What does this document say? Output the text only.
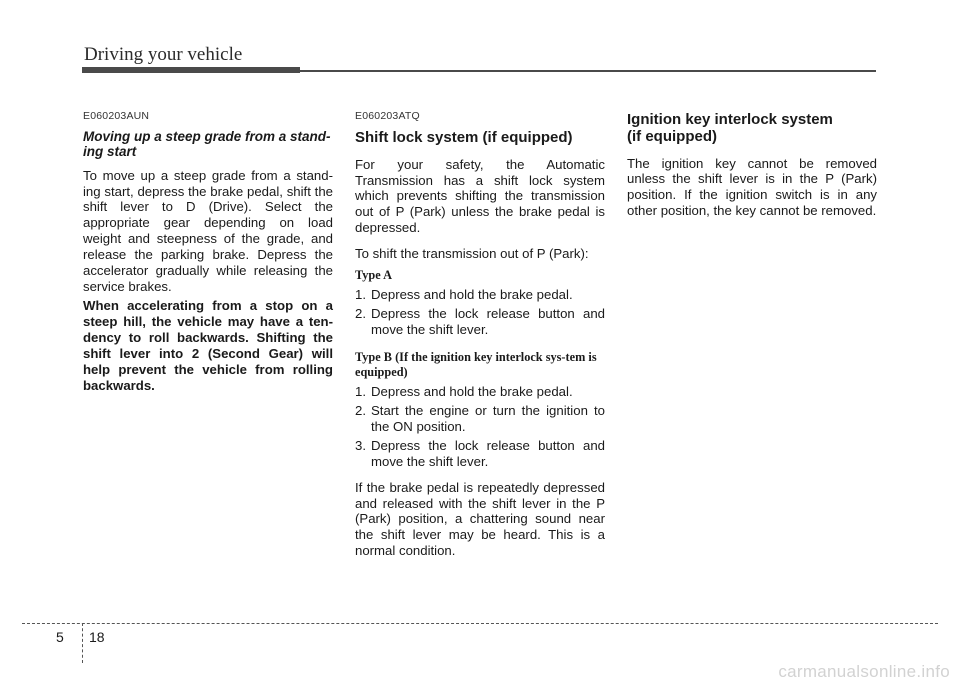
Driving your vehicle
E060203AUN
Moving up a steep grade from a stand-ing start

To move up a steep grade from a stand-ing start, depress the brake pedal, shift the shift lever to D (Drive). Select the appropriate gear depending on load weight and steepness of the grade, and release the parking brake. Depress the accelerator gradually while releasing the service brakes.

When accelerating from a stop on a steep hill, the vehicle may have a ten-dency to roll backwards. Shifting the shift lever into 2 (Second Gear) will help prevent the vehicle from rolling backwards.

E060203ATQ
Shift lock system (if equipped)

For your safety, the Automatic Transmission has a shift lock system which prevents shifting the transmission out of P (Park) unless the brake pedal is depressed.

To shift the transmission out of P (Park):

Type A
1. Depress and hold the brake pedal.
2. Depress the lock release button and move the shift lever.
Type B (If the ignition key interlock sys-tem is equipped)
1. Depress and hold the brake pedal.
2. Start the engine or turn the ignition to the ON position.
3. Depress the lock release button and move the shift lever.

If the brake pedal is repeatedly depressed and released with the shift lever in the P (Park) position, a chattering sound near the shift lever may be heard. This is a normal condition.

Ignition key interlock system
(if equipped)

The ignition key cannot be removed unless the shift lever is in the P (Park) position. If the ignition switch is in any other position, the key cannot be removed.

5 18
carmanualsonline.info
